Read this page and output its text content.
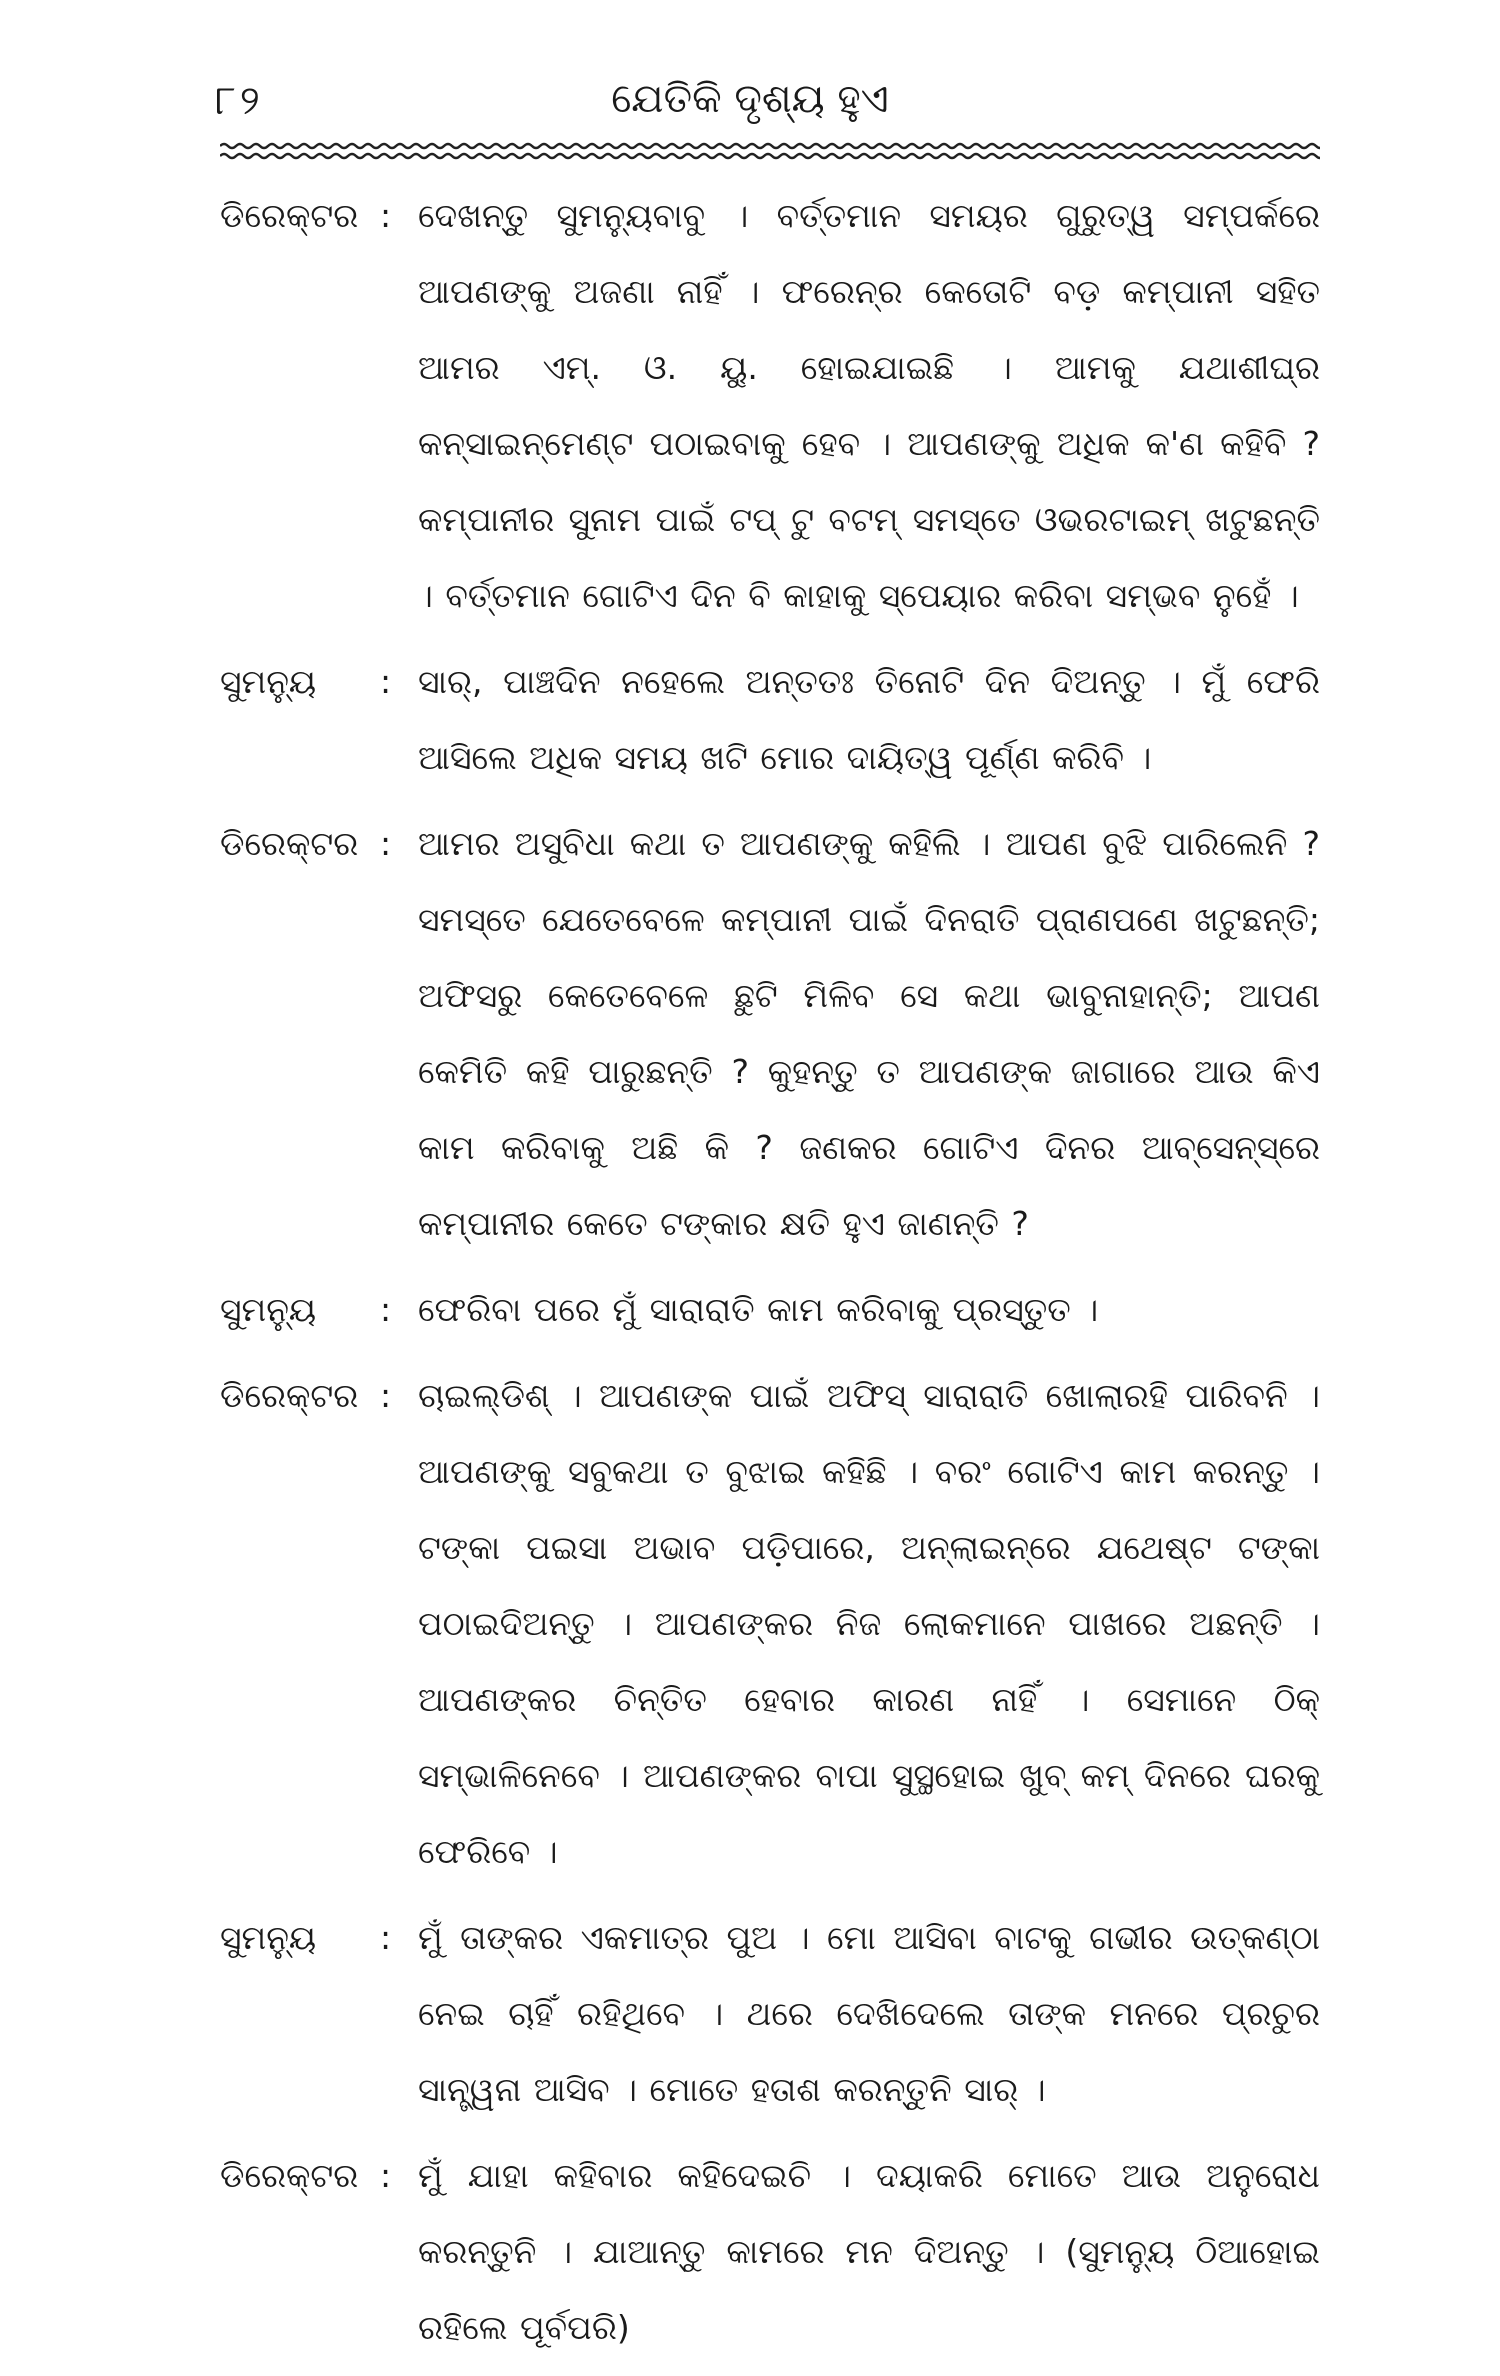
୮୨	ଯେତିକି ଦୃଶ୍ୟ ହୁଏ
ଡିରେକ୍ଟର : ଦେଖନ୍ତୁ ସୁମନ୍ୟୁବାବୁ । ବର୍ତ୍ତମାନ ସମୟର ଗୁରୁତ୍ୱ ସମ୍ପର୍କରେ ଆପଣଙ୍କୁ ଅଜଣା ନାହିଁ । ଫରେନ୍‌ର କେତୋଟି ବଡ଼ କମ୍ପାନୀ ସହିତ ଆମର ଏମ୍. ଓ. ୟୁ. ହୋଇଯାଇଛି । ଆମକୁ ଯଥାଶୀଘ୍ର କନ୍‌ସାଇନ୍‌ମେଣ୍ଟ ପଠାଇବାକୁ ହେବ । ଆପଣଙ୍କୁ ଅଧିକ କ'ଣ କହିବି ? କମ୍ପାନୀର ସୁନାମ ପାଇଁ ଟପ୍ ଟୁ ବଟମ୍ ସମସ୍ତେ ଓଭରଟାଇମ୍ ଖଟୁଛନ୍ତି । ବର୍ତ୍ତମାନ ଗୋଟିଏ ଦିନ ବି କାହାକୁ ସ୍ପେୟାର କରିବା ସମ୍ଭବ ନୁହେଁ ।
ସୁମନ୍ୟୁ	: ସାର୍, ପାଞ୍ଚଦିନ ନହେଲେ ଅନ୍ତତଃ ତିନୋଟି ଦିନ ଦିଅନ୍ତୁ । ମୁଁ ଫେରି ଆସିଲେ ଅଧିକ ସମୟ ଖଟି ମୋର ଦାୟିତ୍ୱ ପୂର୍ଣ୍ଣ କରିବି ।
ଡିରେକ୍ଟର : ଆମର ଅସୁବିଧା କଥା ତ ଆପଣଙ୍କୁ କହିଲି । ଆପଣ ବୁଝି ପାରିଲେନି ? ସମସ୍ତେ ଯେତେବେଳେ କମ୍ପାନୀ ପାଇଁ ଦିନରାତି ପ୍ରାଣପଣେ ଖଟୁଛନ୍ତି; ଅଫିସରୁ କେତେବେଳେ ଛୁଟି ମିଳିବ ସେ କଥା ଭାବୁନାହାନ୍ତି; ଆପଣ କେମିତି କହି ପାରୁଛନ୍ତି ? କୁହନ୍ତୁ ତ ଆପଣଙ୍କ ଜାଗାରେ ଆଉ କିଏ କାମ କରିବାକୁ ଅଛି କି ? ଜଣକର ଗୋଟିଏ ଦିନର ଆବ୍‌ସେନ୍‌ସ୍‌ରେ କମ୍ପାନୀର କେତେ ଟଙ୍କାର କ୍ଷତି ହୁଏ ଜାଣନ୍ତି ?
ସୁମନ୍ୟୁ	: ଫେରିବା ପରେ ମୁଁ ସାରାରାତି କାମ କରିବାକୁ ପ୍ରସ୍ତୁତ ।
ଡିରେକ୍ଟର : ଚାଇଲ୍ଡିଶ୍ । ଆପଣଙ୍କ ପାଇଁ ଅଫିସ୍ ସାରାରାତି ଖୋଲାରହି ପାରିବନି । ଆପଣଙ୍କୁ ସବୁକଥା ତ ବୁଝାଇ କହିଛି । ବରଂ ଗୋଟିଏ କାମ କରନ୍ତୁ । ଟଙ୍କା ପଇସା ଅଭାବ ପଡ଼ିପାରେ, ଅନ୍‌ଲାଇନ୍‌ରେ ଯଥେଷ୍ଟ ଟଙ୍କା ପଠାଇଦିଅନ୍ତୁ । ଆପଣଙ୍କର ନିଜ ଲୋକମାନେ ପାଖରେ ଅଛନ୍ତି । ଆପଣଙ୍କର ଚିନ୍ତିତ ହେବାର କାରଣ ନାହିଁ । ସେମାନେ ଠିକ୍ ସମ୍ଭାଳିନେବେ । ଆପଣଙ୍କର ବାପା ସୁସ୍ଥହୋଇ ଖୁବ୍ କମ୍ ଦିନରେ ଘରକୁ ଫେରିବେ ।
ସୁମନ୍ୟୁ	: ମୁଁ ତାଙ୍କର ଏକମାତ୍ର ପୁଅ । ମୋ ଆସିବା ବାଟକୁ ଗଭୀର ଉତ୍କଣ୍ଠା ନେଇ ଚାହିଁ ରହିଥିବେ । ଥରେ ଦେଖିଦେଲେ ତାଙ୍କ ମନରେ ପ୍ରଚୁର ସାନ୍ତ୍ୱନା ଆସିବ । ମୋତେ ହତାଶ କରନ୍ତୁନି ସାର୍ ।
ଡିରେକ୍ଟର : ମୁଁ ଯାହା କହିବାର କହିଦେଇଚି । ଦୟାକରି ମୋତେ ଆଉ ଅନୁରୋଧ କରନ୍ତୁନି । ଯାଆନ୍ତୁ କାମରେ ମନ ଦିଅନ୍ତୁ । (ସୁମନ୍ୟୁ ଠିଆହୋଇ ରହିଲେ ପୂର୍ବପରି)
